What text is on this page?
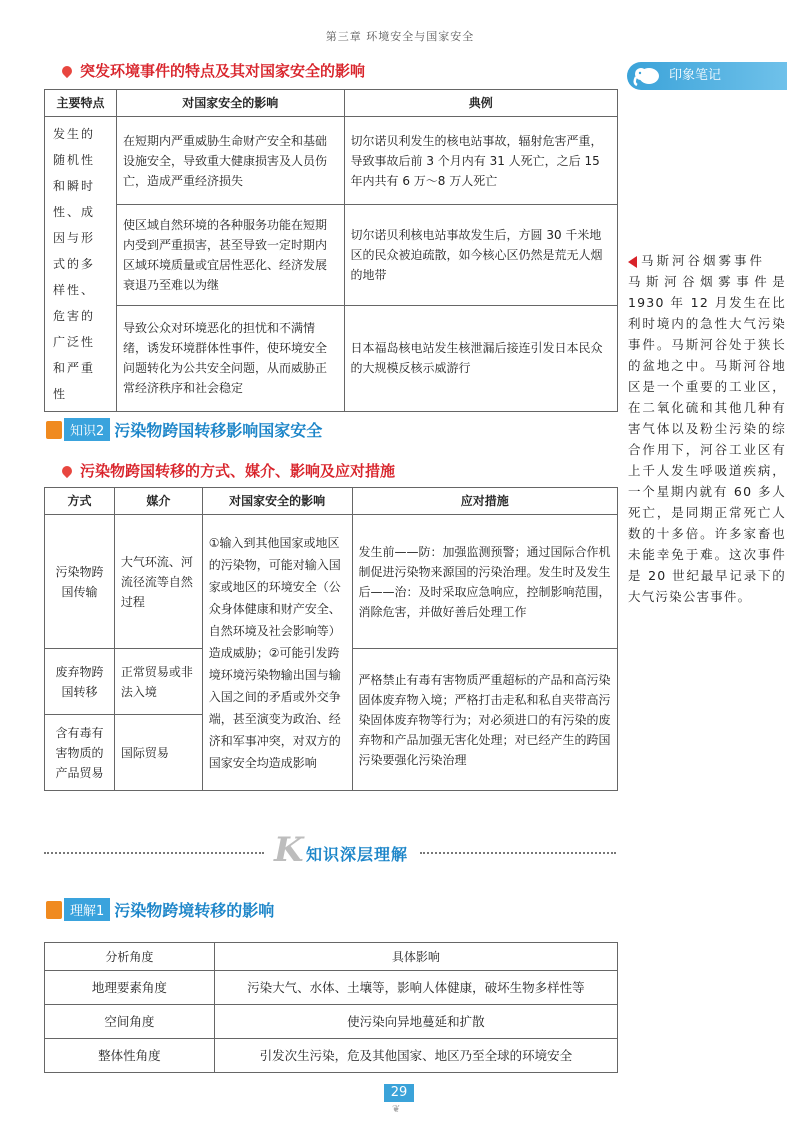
第三章 环境安全与国家安全
印象笔记
突发环境事件的特点及其对国家安全的影响
主要特点	对国家安全的影响	典例
发生的随机性和瞬时性、成因与形式的多样性、危害的广泛性和严重性	在短期内严重威胁生命财产安全和基础设施安全，导致重大健康损害及人员伤亡，造成严重经济损失	切尔诺贝利发生的核电站事故，辐射危害严重，导致事故后前 3 个月内有 31 人死亡，之后 15 年内共有 6 万～8 万人死亡
	使区域自然环境的各种服务功能在短期内受到严重损害，甚至导致一定时期内区域环境质量或宜居性恶化、经济发展衰退乃至难以为继	切尔诺贝利核电站事故发生后，方圆 30 千米地区的民众被迫疏散，如今核心区仍然是荒无人烟的地带
	导致公众对环境恶化的担忧和不满情绪，诱发环境群体性事件，使环境安全问题转化为公共安全问题，从而威胁正常经济秩序和社会稳定	日本福岛核电站发生核泄漏后接连引发日本民众的大规模反核示威游行
知识2 污染物跨国转移影响国家安全
污染物跨国转移的方式、媒介、影响及应对措施
方式	媒介	对国家安全的影响	应对措施
污染物跨国传输	大气环流、河流径流等自然过程	①输入到其他国家或地区的污染物，可能对输入国家或地区的环境安全（公众身体健康和财产安全、自然环境及社会影响等）造成威胁；②可能引发跨境环境污染物输出国与输入国之间的矛盾或外交争端，甚至演变为政治、经济和军事冲突，对双方的国家安全均造成影响	发生前——防：加强监测预警；通过国际合作机制促进污染物来源国的污染治理。发生时及发生后——治：及时采取应急响应，控制影响范围，消除危害，并做好善后处理工作
废弃物跨国转移	正常贸易或非法入境		严格禁止有毒有害物质严重超标的产品和高污染固体废弃物入境；严格打击走私和私自夹带高污染固体废弃物等行为；对必须进口的有污染的废弃物和产品加强无害化处理；对已经产生的跨国污染要强化污染治理
含有毒有害物质的产品贸易	国际贸易		
马斯河谷烟雾事件
马斯河谷烟雾事件是 1930 年 12 月发生在比利时境内的急性大气污染事件。马斯河谷处于狭长的盆地之中。马斯河谷地区是一个重要的工业区，在二氧化硫和其他几种有害气体以及粉尘污染的综合作用下，河谷工业区有上千人发生呼吸道疾病，一个星期内就有 60 多人死亡，是同期正常死亡人数的十多倍。许多家畜也未能幸免于难。这次事件是 20 世纪最早记录下的大气污染公害事件。
K 知识深层理解
理解1 污染物跨境转移的影响
分析角度	具体影响
地理要素角度	污染大气、水体、土壤等，影响人体健康，破坏生物多样性等
空间角度	使污染向异地蔓延和扩散
整体性角度	引发次生污染，危及其他国家、地区乃至全球的环境安全
29
❦
